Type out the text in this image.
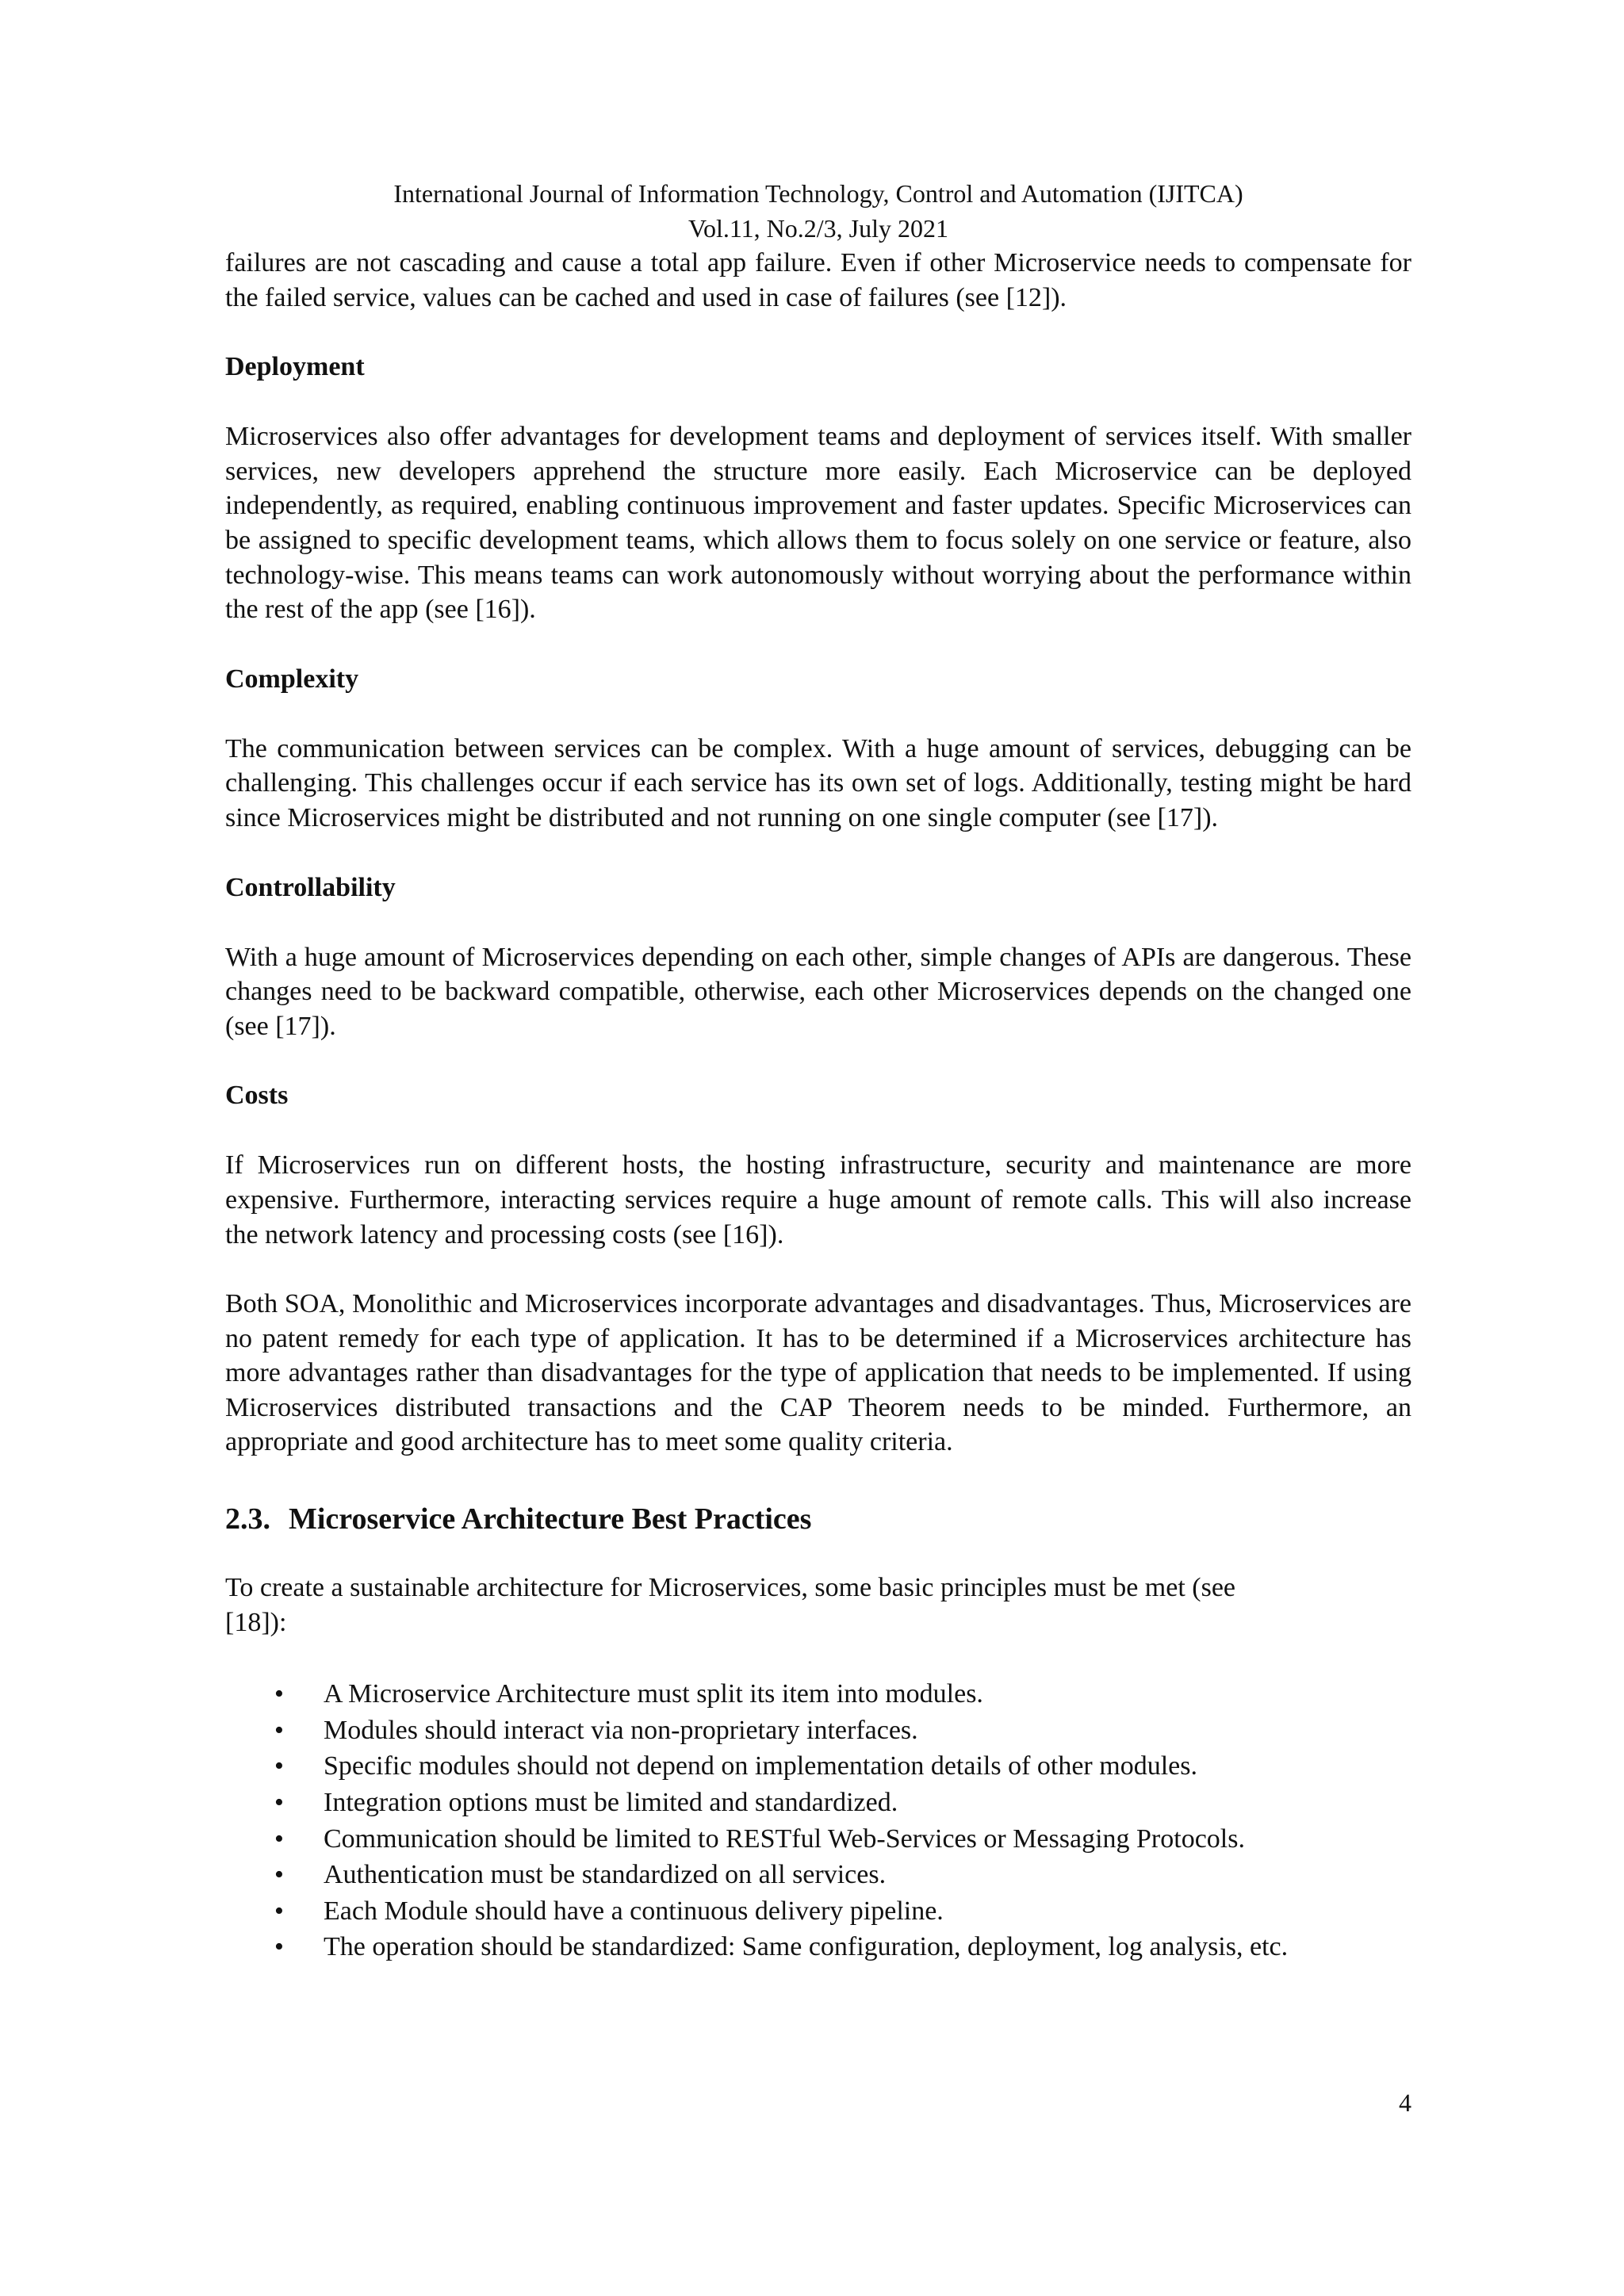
International Journal of Information Technology, Control and Automation (IJITCA)
Vol.11, No.2/3, July 2021

failures are not cascading and cause a total app failure. Even if other Microservice needs to compensate for the failed service, values can be cached and used in case of failures (see [12]).

Deployment

Microservices also offer advantages for development teams and deployment of services itself. With smaller services, new developers apprehend the structure more easily. Each Microservice can be deployed independently, as required, enabling continuous improvement and faster updates. Specific Microservices can be assigned to specific development teams, which allows them to focus solely on one service or feature, also technology-wise. This means teams can work autonomously without worrying about the performance within the rest of the app (see [16]).

Complexity

The communication between services can be complex. With a huge amount of services, debugging can be challenging. This challenges occur if each service has its own set of logs. Additionally, testing might be hard since Microservices might be distributed and not running on one single computer (see [17]).

Controllability

With a huge amount of Microservices depending on each other, simple changes of APIs are dangerous. These changes need to be backward compatible, otherwise, each other Microservices depends on the changed one (see [17]).

Costs

If Microservices run on different hosts, the hosting infrastructure, security and maintenance are more expensive. Furthermore, interacting services require a huge amount of remote calls. This will also increase the network latency and processing costs (see [16]).

Both SOA, Monolithic and Microservices incorporate advantages and disadvantages. Thus, Microservices are no patent remedy for each type of application. It has to be determined if a Microservices architecture has more advantages rather than disadvantages for the type of application that needs to be implemented. If using Microservices distributed transactions and the CAP Theorem needs to be minded. Furthermore, an appropriate and good architecture has to meet some quality criteria.

2.3. Microservice Architecture Best Practices

To create a sustainable architecture for Microservices, some basic principles must be met (see
[18]):

• A Microservice Architecture must split its item into modules.
• Modules should interact via non-proprietary interfaces.
• Specific modules should not depend on implementation details of other modules.
• Integration options must be limited and standardized.
• Communication should be limited to RESTful Web-Services or Messaging Protocols.
• Authentication must be standardized on all services.
• Each Module should have a continuous delivery pipeline.
• The operation should be standardized: Same configuration, deployment, log analysis, etc.
4
